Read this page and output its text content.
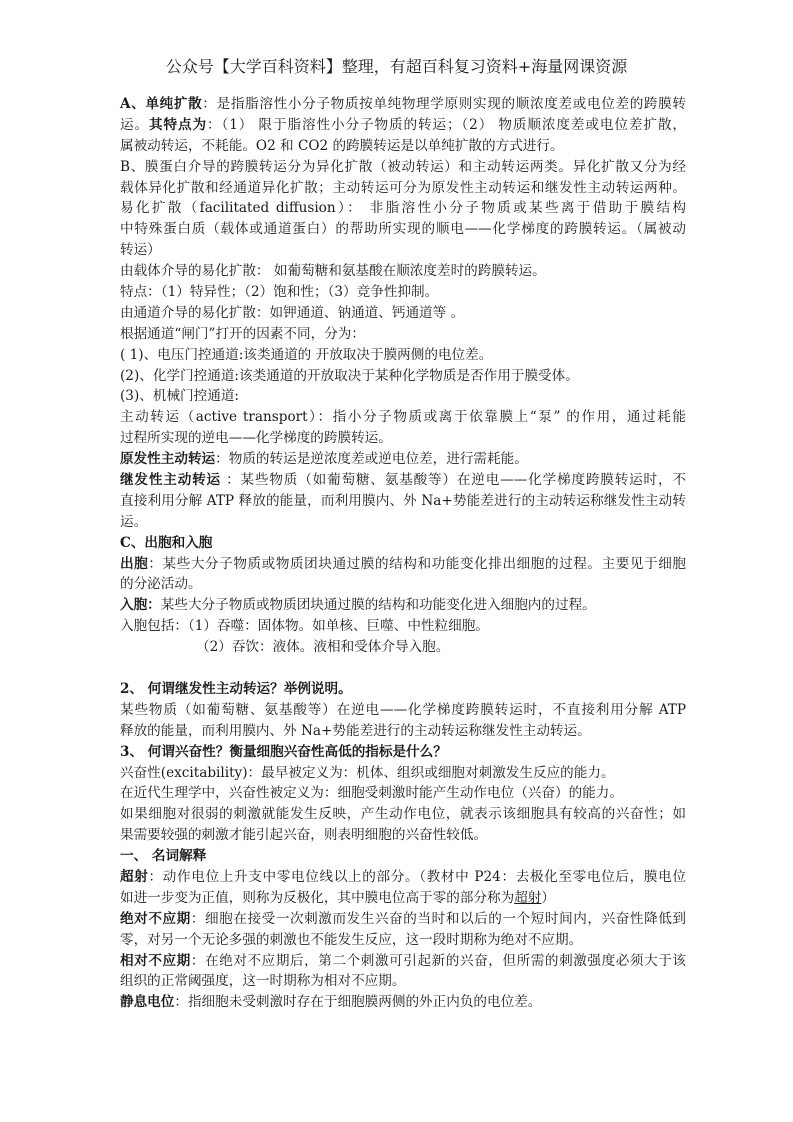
公众号【大学百科资料】整理，有超百科复习资料+海量网课资源
A、单纯扩散：是指脂溶性小分子物质按单纯物理学原则实现的顺浓度差或电位差的跨膜转
运。其特点为：（1） 限于脂溶性小分子物质的转运；（2） 物质顺浓度差或电位差扩散，
属被动转运，不耗能。O2 和 CO2 的跨膜转运是以单纯扩散的方式进行。
B、膜蛋白介导的跨膜转运分为异化扩散（被动转运）和主动转运两类。异化扩散又分为经
载体异化扩散和经通道异化扩散；主动转运可分为原发性主动转运和继发性主动转运两种。
易化扩散（facilitated diffusion）： 非脂溶性小分子物质或某些离于借助于膜结构
中特殊蛋白质（载体或通道蛋白）的帮助所实现的顺电——化学梯度的跨膜转运。（属被动
转运）
由载体介导的易化扩散： 如葡萄糖和氨基酸在顺浓度差时的跨膜转运。
特点：（1）特异性；（2）饱和性；（3）竞争性抑制。
由通道介导的易化扩散：如钾通道、钠通道、钙通道等 。
根据通道“闸门”打开的因素不同，分为：
( 1)、电压门控通道:该类通道的 开放取决于膜两侧的电位差。
(2)、化学门控通道:该类通道的开放取决于某种化学物质是否作用于膜受体。
(3)、机械门控通道:
主动转运（active transport）：指小分子物质或离于依靠膜上“泵” 的作用，通过耗能
过程所实现的逆电——化学梯度的跨膜转运。
原发性主动转运：物质的转运是逆浓度差或逆电位差，进行需耗能。
继发性主动转运 ：某些物质（如葡萄糖、氨基酸等）在逆电——化学梯度跨膜转运时，不
直接利用分解 ATP 释放的能量，而利用膜内、外 Na+势能差进行的主动转运称继发性主动转
运。
C、出胞和入胞
出胞：某些大分子物质或物质团块通过膜的结构和功能变化排出细胞的过程。主要见于细胞
的分泌活动。
入胞：某些大分子物质或物质团块通过膜的结构和功能变化进入细胞内的过程。
入胞包括：（1）吞噬：固体物。如单核、巨噬、中性粒细胞。
（2）吞饮：液体。液相和受体介导入胞。
2、 何谓继发性主动转运？举例说明。
某些物质（如葡萄糖、氨基酸等）在逆电——化学梯度跨膜转运时，不直接利用分解 ATP
释放的能量，而利用膜内、外 Na+势能差进行的主动转运称继发性主动转运。
3、 何谓兴奋性？衡量细胞兴奋性高低的指标是什么？
兴奋性(excitability)：最早被定义为：机体、组织或细胞对刺激发生反应的能力。
在近代生理学中，兴奋性被定义为：细胞受刺激时能产生动作电位（兴奋）的能力。
如果细胞对很弱的刺激就能发生反映，产生动作电位，就表示该细胞具有较高的兴奋性；如
果需要较强的刺激才能引起兴奋，则表明细胞的兴奋性较低。
一、 名词解释
超射：动作电位上升支中零电位线以上的部分。（教材中 P24：去极化至零电位后，膜电位
如进一步变为正值，则称为反极化，其中膜电位高于零的部分称为超射）
绝对不应期：细胞在接受一次刺激而发生兴奋的当时和以后的一个短时间内，兴奋性降低到
零，对另一个无论多强的刺激也不能发生反应，这一段时期称为绝对不应期。
相对不应期：在绝对不应期后，第二个刺激可引起新的兴奋，但所需的刺激强度必须大于该
组织的正常阈强度，这一时期称为相对不应期。
静息电位：指细胞未受刺激时存在于细胞膜两侧的外正内负的电位差。
